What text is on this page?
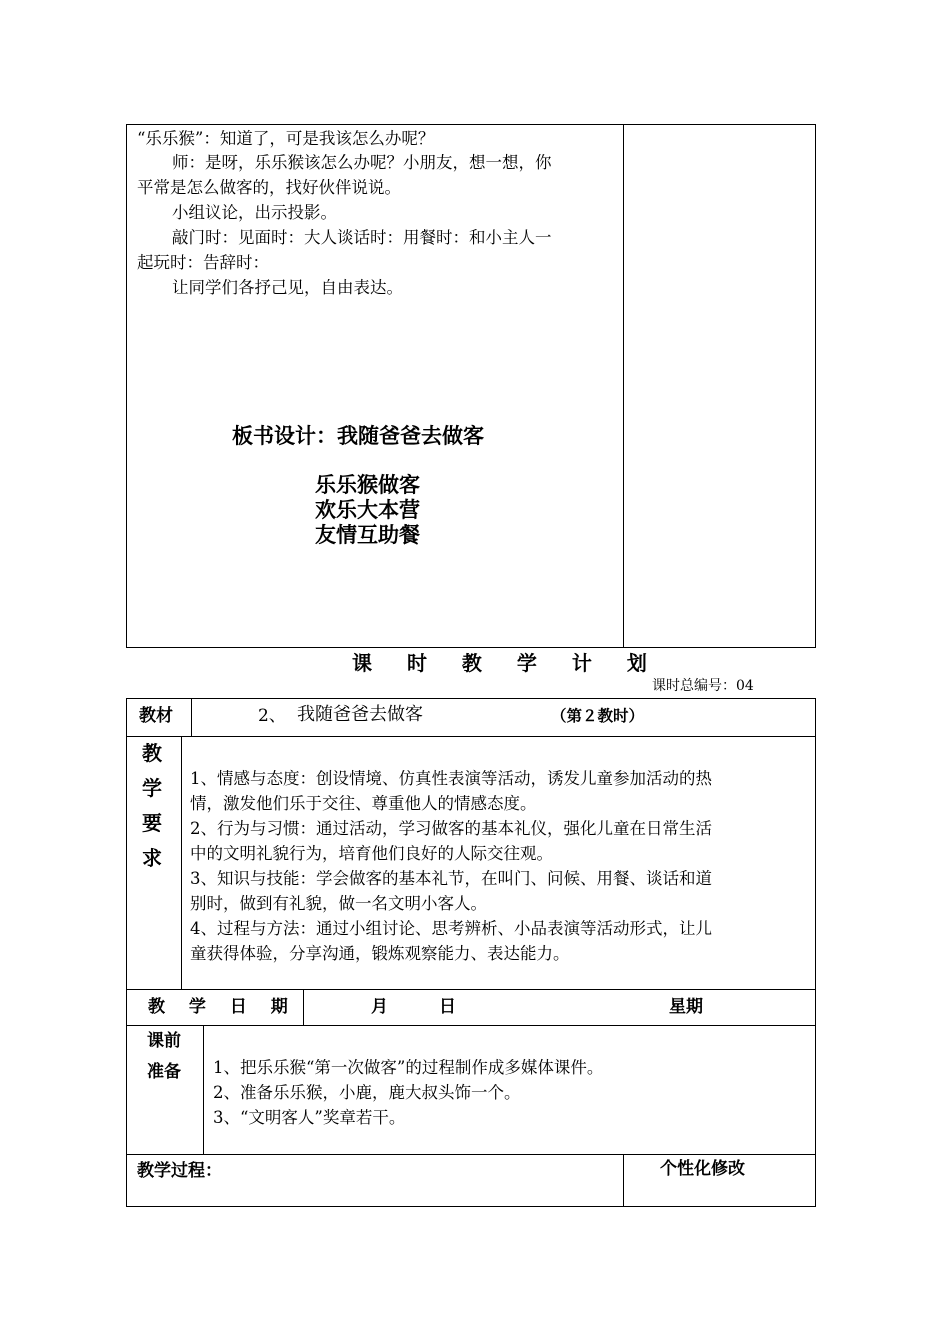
“乐乐猴”：知道了，可是我该怎么办呢？
师：是呀，乐乐猴该怎么办呢？小朋友，想一想，你
平常是怎么做客的，找好伙伴说说。
小组议论，出示投影。
敲门时：见面时：大人谈话时：用餐时：和小主人一
起玩时：告辞时：
让同学们各抒己见，自由表达。
板书设计：我随爸爸去做客
乐乐猴做客
欢乐大本营
友情互助餐
课 时 教 学 计 划
课时总编号：04
教材	2、 我随爸爸去做客	（第２教时）
教
学
要
求
1、情感与态度：创设情境、仿真性表演等活动，诱发儿童参加活动的热
情，激发他们乐于交往、尊重他人的情感态度。
2、行为与习惯：通过活动，学习做客的基本礼仪，强化儿童在日常生活
中的文明礼貌行为，培育他们良好的人际交往观。
3、知识与技能：学会做客的基本礼节，在叫门、问候、用餐、谈话和道
别时，做到有礼貌，做一名文明小客人。
4、过程与方法：通过小组讨论、思考辨析、小品表演等活动形式，让儿
童获得体验，分享沟通，锻炼观察能力、表达能力。
教 学 日 期	月	日	星期
课前
准备 1、把乐乐猴“第一次做客”的过程制作成多媒体课件。
2、准备乐乐猴，小鹿，鹿大叔头饰一个。
3、“文明客人”奖章若干。
教学过程：	个性化修改
